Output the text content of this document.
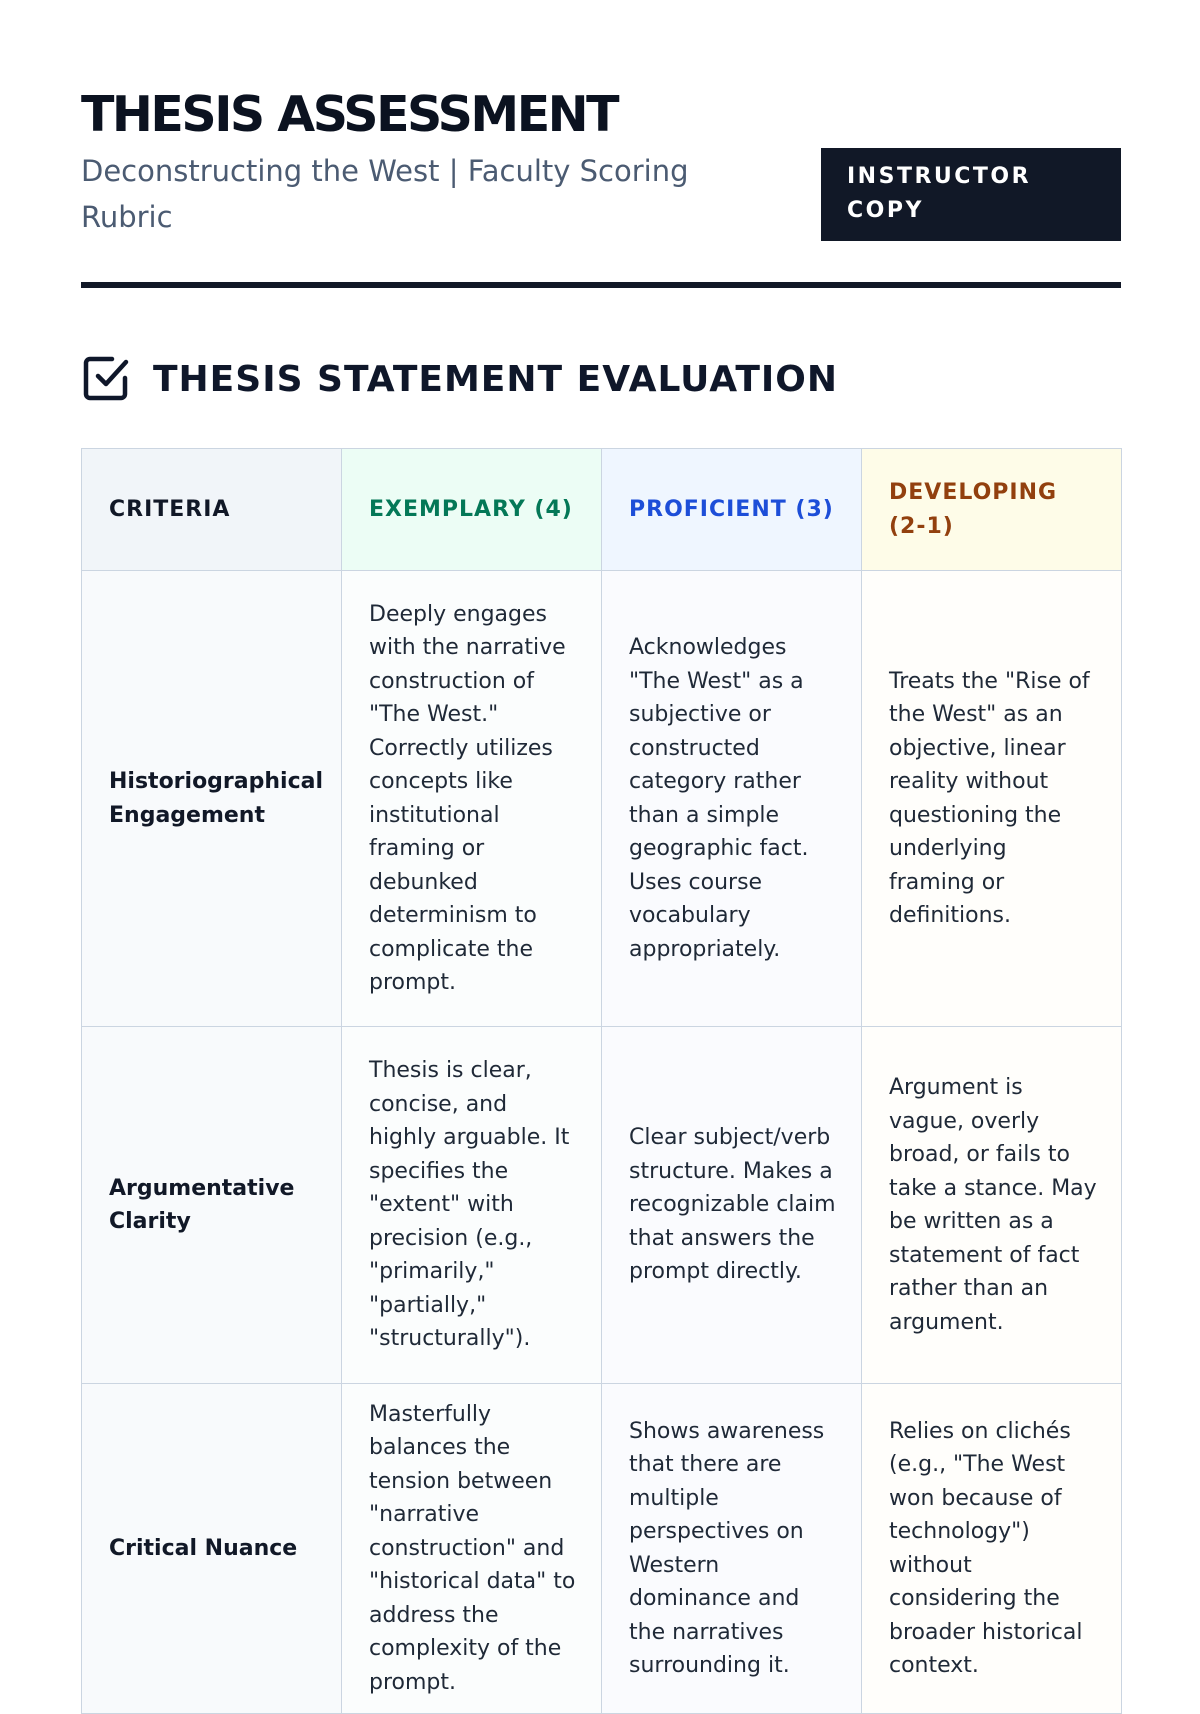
THESIS ASSESSMENT
Deconstructing the West | Faculty Scoring Rubric
INSTRUCTOR COPY
THESIS STATEMENT EVALUATION
CRITERIA	EXEMPLARY (4)	PROFICIENT (3)	DEVELOPING (2-1)
Historiographical Engagement	Deeply engages with the narrative construction of "The West." Correctly utilizes concepts like institutional framing or debunked determinism to complicate the prompt.	Acknowledges "The West" as a subjective or constructed category rather than a simple geographic fact. Uses course vocabulary appropriately.	Treats the "Rise of the West" as an objective, linear reality without questioning the underlying framing or definitions.
Argumentative Clarity	Thesis is clear, concise, and highly arguable. It specifies the "extent" with precision (e.g., "primarily," "partially," "structurally").	Clear subject/verb structure. Makes a recognizable claim that answers the prompt directly.	Argument is vague, overly broad, or fails to take a stance. May be written as a statement of fact rather than an argument.
Critical Nuance	Masterfully balances the tension between "narrative construction" and "historical data" to address the complexity of the prompt.	Shows awareness that there are multiple perspectives on Western dominance and the narratives surrounding it.	Relies on clichés (e.g., "The West won because of technology") without considering the broader historical context.
